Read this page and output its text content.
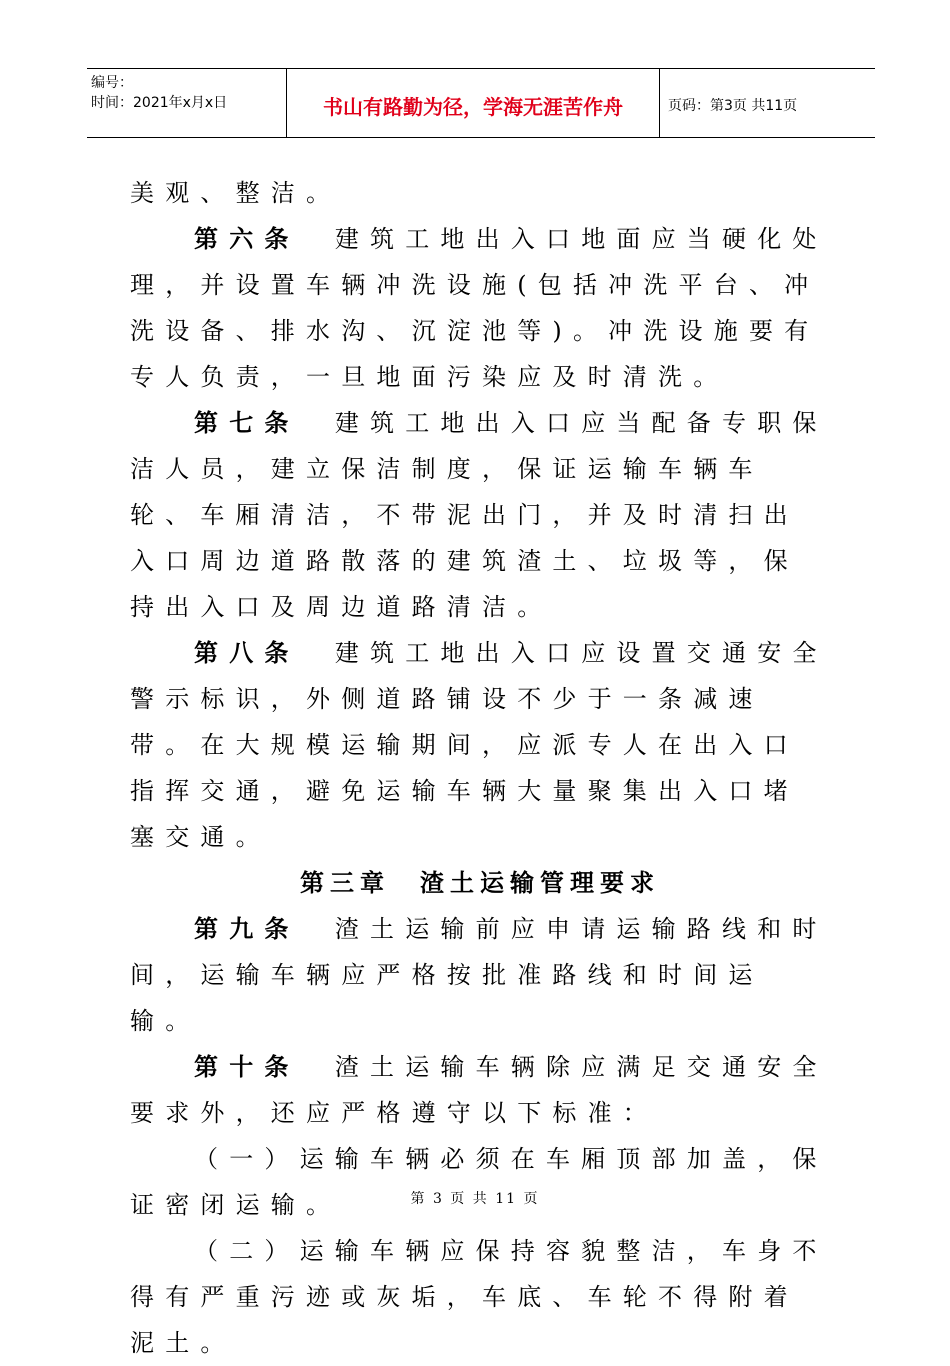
编号：
时间：2021年x月x日	书山有路勤为径，学海无涯苦作舟	页码：第3页 共11页

美观、整洁。

第六条　 建筑工地出入口地面应当硬化处理，并设置车辆冲洗设施(包括冲洗平台、冲洗设备、排水沟、沉淀池等)。冲洗设施要有专人负责，一旦地面污染应及时清洗。

第七条　 建筑工地出入口应当配备专职保洁人员，建立保洁制度，保证运输车辆车轮、车厢清洁，不带泥出门，并及时清扫出入口周边道路散落的建筑渣土、垃圾等，保持出入口及周边道路清洁。

第八条　 建筑工地出入口应设置交通安全警示标识，外侧道路铺设不少于一条减速带。在大规模运输期间，应派专人在出入口指挥交通，避免运输车辆大量聚集出入口堵塞交通。

第三章　渣土运输管理要求

第九条　 渣土运输前应申请运输路线和时间，运输车辆应严格按批准路线和时间运输。

第十条　 渣土运输车辆除应满足交通安全要求外，还应严格遵守以下标准：

（一）运输车辆必须在车厢顶部加盖，保证密闭运输。

（二）运输车辆应保持容貌整洁，车身不得有严重污迹或灰垢，车底、车轮不得附着泥土。

第 3 页 共 11 页
